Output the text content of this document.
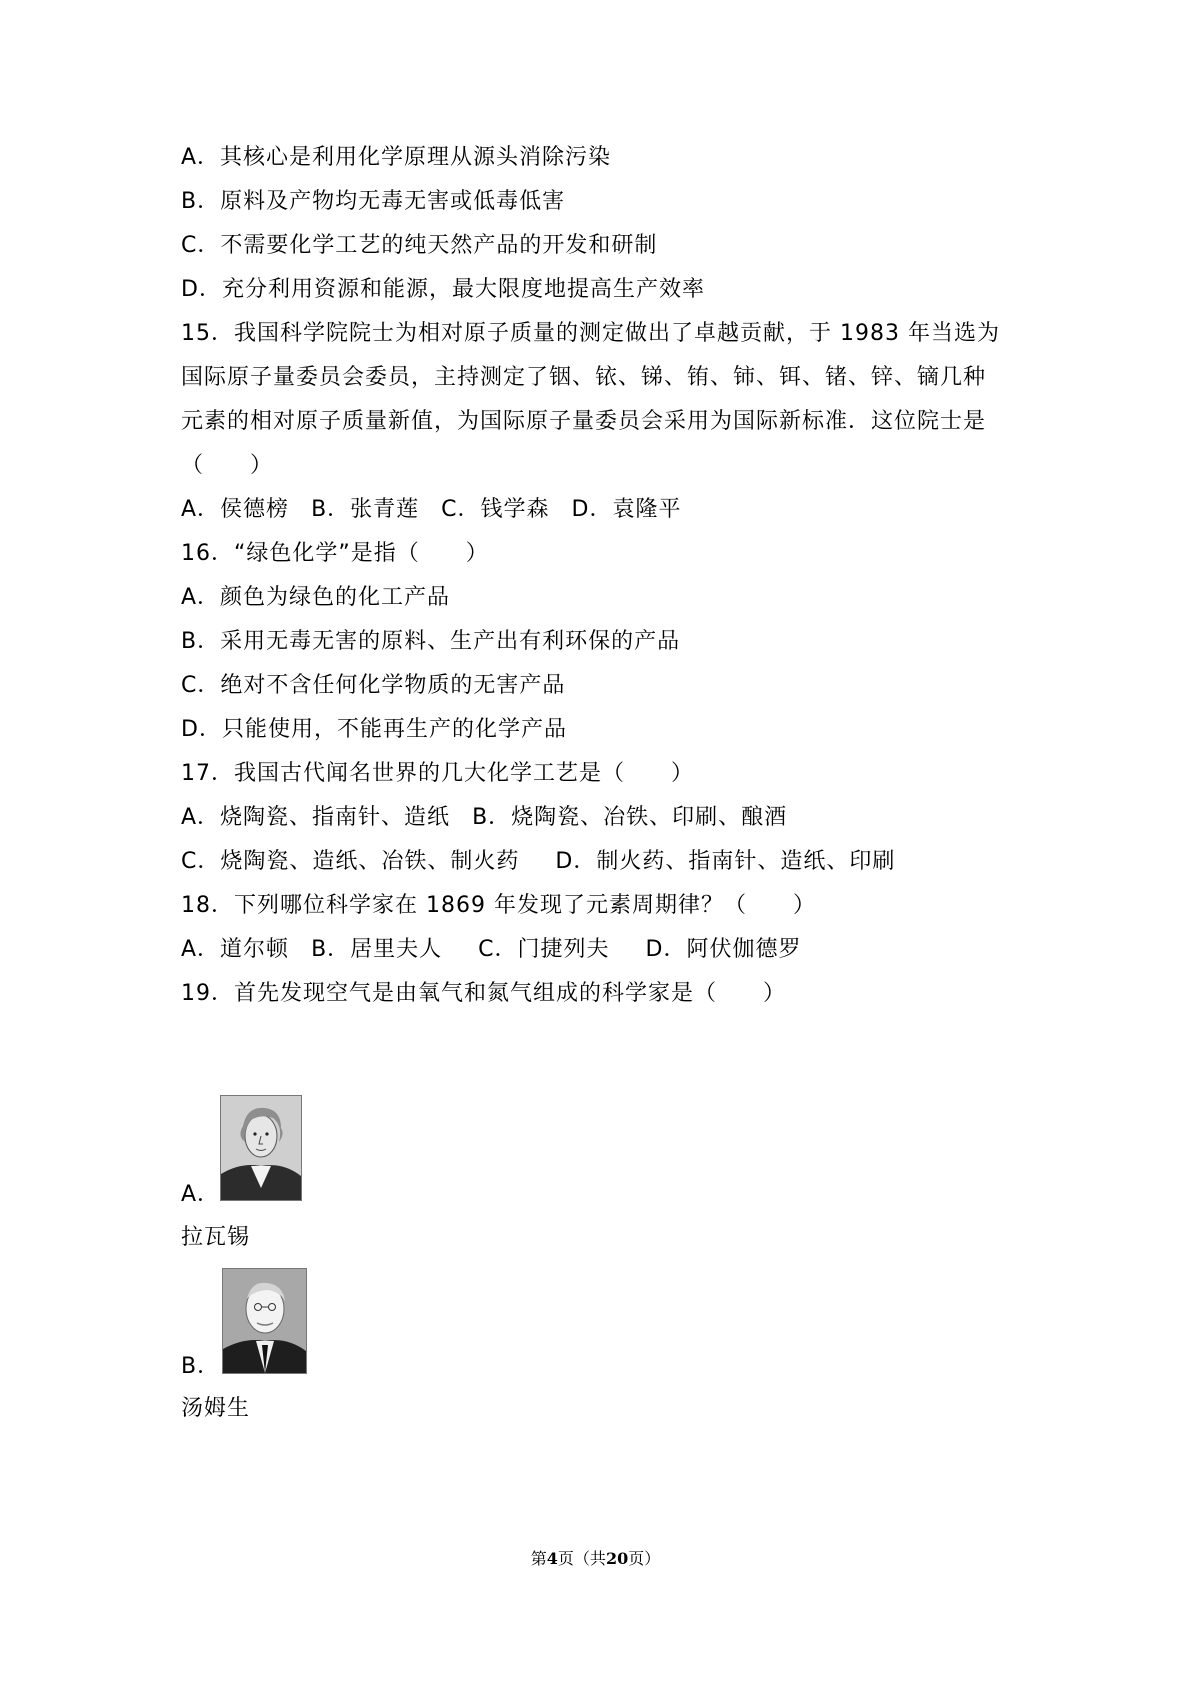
A．其核心是利用化学原理从源头消除污染
B．原料及产物均无毒无害或低毒低害
C．不需要化学工艺的纯天然产品的开发和研制
D．充分利用资源和能源，最大限度地提高生产效率
15．我国科学院院士为相对原子质量的测定做出了卓越贡献，于 1983 年当选为
国际原子量委员会委员，主持测定了铟、铱、锑、铕、铈、铒、锗、锌、镝几种
元素的相对原子质量新值，为国际原子量委员会采用为国际新标准．这位院士是
（　　）
A．侯德榜 B．张青莲 C．钱学森 D．袁隆平
16．“绿色化学”是指（　　）
A．颜色为绿色的化工产品
B．采用无毒无害的原料、生产出有利环保的产品
C．绝对不含任何化学物质的无害产品
D．只能使用，不能再生产的化学产品
17．我国古代闻名世界的几大化学工艺是（　　）
A．烧陶瓷、指南针、造纸 B．烧陶瓷、冶铁、印刷、酿酒
C．烧陶瓷、造纸、冶铁、制火药 D．制火药、指南针、造纸、印刷
18．下列哪位科学家在 1869 年发现了元素周期律？（　　）
A．道尔顿 B．居里夫人 C．门捷列夫 D．阿伏伽德罗
19．首先发现空气是由氧气和氮气组成的科学家是（　　）
A．
拉瓦锡
B．
汤姆生
第4页（共20页）
